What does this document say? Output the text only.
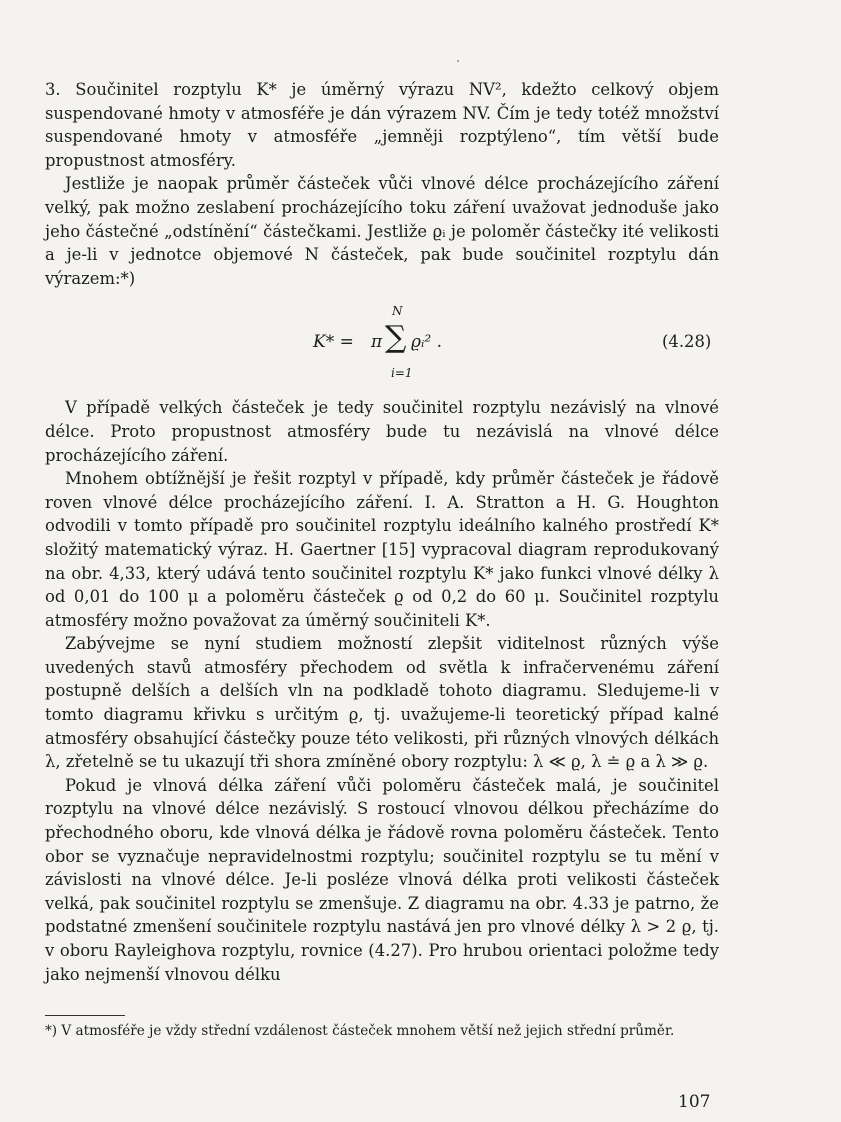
3. Součinitel rozptylu K* je úměrný výrazu NV², kdežto celkový objem suspendované hmoty v atmosféře je dán výrazem NV. Čím je tedy totéž množství suspendované hmoty v atmosféře „jemněji rozptýleno“, tím větší bude propustnost atmosféry.

Jestliže je naopak průměr částeček vůči vlnové délce procházejícího záření velký, pak možno zeslabení procházejícího toku záření uvažovat jednoduše jako jeho částečné „odstínění“ částečkami. Jestliže ϱᵢ je poloměr částečky ité velikosti a je-li v jednotce objemové N částeček, pak bude součinitel rozptylu dán výrazem:*)

K* = π
N
∑
i=1
ϱᵢ² .	(4.28)

V případě velkých částeček je tedy součinitel rozptylu nezávislý na vlnové délce. Proto propustnost atmosféry bude tu nezávislá na vlnové délce procházejícího záření.

Mnohem obtížnější je řešit rozptyl v případě, kdy průměr částeček je řádově roven vlnové délce procházejícího záření. I. A. Stratton a H. G. Houghton odvodili v tomto případě pro součinitel rozptylu ideálního kalného prostředí K* složitý matematický výraz. H. Gaertner [15] vypracoval diagram reprodukovaný na obr. 4,33, který udává tento součinitel rozptylu K* jako funkci vlnové délky λ od 0,01 do 100 μ a poloměru částeček ϱ od 0,2 do 60 μ. Součinitel rozptylu atmosféry možno považovat za úměrný součiniteli K*.

Zabývejme se nyní studiem možností zlepšit viditelnost různých výše uvedených stavů atmosféry přechodem od světla k infračervenému záření postupně delších a delších vln na podkladě tohoto diagramu. Sledujeme-li v tomto diagramu křivku s určitým ϱ, tj. uvažujeme-li teoretický případ kalné atmosféry obsahující částečky pouze této velikosti, při různých vlnových délkách λ, zřetelně se tu ukazují tři shora zmíněné obory rozptylu: λ ≪ ϱ, λ ≐ ϱ a λ ≫ ϱ.

Pokud je vlnová délka záření vůči poloměru částeček malá, je součinitel rozptylu na vlnové délce nezávislý. S rostoucí vlnovou délkou přecházíme do přechodného oboru, kde vlnová délka je řádově rovna poloměru částeček. Tento obor se vyznačuje nepravidelnostmi rozptylu; součinitel rozptylu se tu mění v závislosti na vlnové délce. Je-li posléze vlnová délka proti velikosti částeček velká, pak součinitel rozptylu se zmenšuje. Z diagramu na obr. 4.33 je patrno, že podstatné zmenšení součinitele rozptylu nastává jen pro vlnové délky λ > 2 ϱ, tj. v oboru Rayleighova rozptylu, rovnice (4.27). Pro hrubou orientaci položme tedy jako nejmenší vlnovou délku

*) V atmosféře je vždy střední vzdálenost částeček mnohem větší než jejich střední průměr.
107
